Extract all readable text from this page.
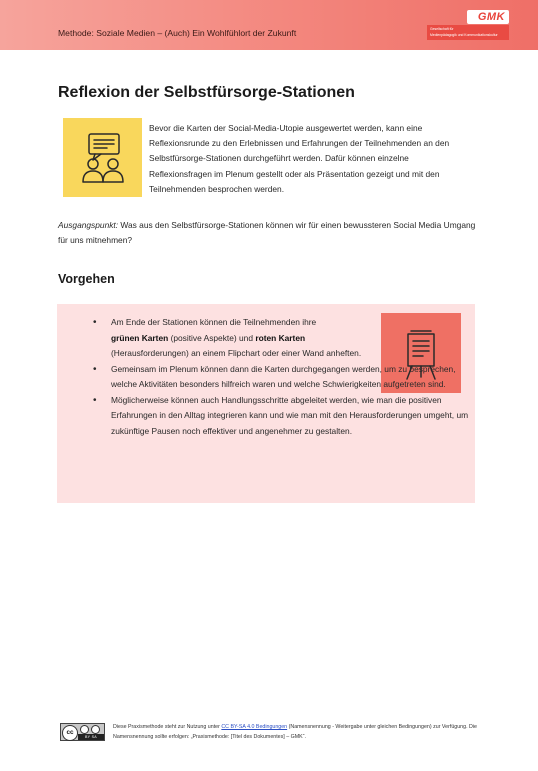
Methode: Soziale Medien – (Auch) Ein Wohlfühlort der Zukunft
GMK
Gesellschaft für
Medienpädagogik und Kommunikationskultur
Reflexion der Selbstfürsorge-Stationen
Bevor die Karten der Social-Media-Utopie ausgewertet werden, kann eine Reflexionsrunde zu den Erlebnissen und Erfahrungen der Teilnehmenden an den Selbstfürsorge-Stationen durchgeführt werden. Dafür können einzelne Reflexionsfragen im Plenum gestellt oder als Präsentation gezeigt und mit den Teilnehmenden besprochen werden.
Ausgangspunkt: Was aus den Selbstfürsorge-Stationen können wir für einen bewussteren Social Media Umgang für uns mitnehmen?
Vorgehen
• Am Ende der Stationen können die Teilnehmenden ihre
grünen Karten (positive Aspekte) und roten Karten (Herausforderungen) an einem Flipchart oder einer Wand anheften.
• Gemeinsam im Plenum können dann die Karten durchgegangen werden, um zu besprechen, welche Aktivitäten besonders hilfreich waren und welche Schwierigkeiten aufgetreten sind.
• Möglicherweise können auch Handlungsschritte abgeleitet werden, wie man die positiven Erfahrungen in den Alltag integrieren kann und wie man mit den Herausforderungen umgeht, um zukünftige Pausen noch effektiver und angenehmer zu gestalten.
cc
BY SA
Diese Praxismethode steht zur Nutzung unter CC BY-SA 4.0 Bedingungen (Namensnennung - Weitergabe unter gleichen Bedingungen) zur Verfügung. Die Namensnennung sollte erfolgen: „Praxismethode: [Titel des Dokumentes] – GMK“.
